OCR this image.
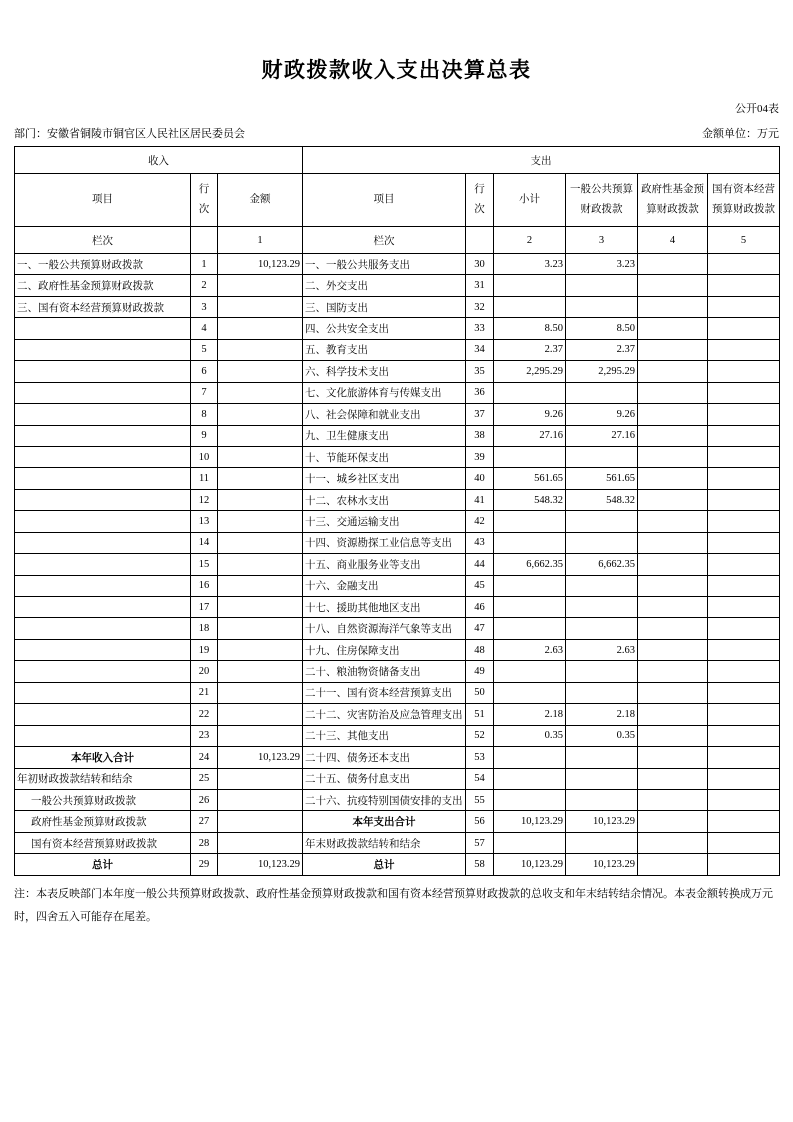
财政拨款收入支出决算总表
公开04表
部门：安徽省铜陵市铜官区人民社区居民委员会	金额单位：万元
收入			支出					
项目	行次	金额	项目	行次	小计	一般公共预算财政拨款	政府性基金预算财政拨款	国有资本经营预算财政拨款
栏次		1	栏次		2	3	4	5
一、一般公共预算财政拨款	1	10,123.29	一、一般公共服务支出	30	3.23	3.23		
二、政府性基金预算财政拨款	2		二、外交支出	31				
三、国有资本经营预算财政拨款	3		三、国防支出	32				
	4		四、公共安全支出	33	8.50	8.50		
	5		五、教育支出	34	2.37	2.37		
	6		六、科学技术支出	35	2,295.29	2,295.29		
	7		七、文化旅游体育与传媒支出	36				
	8		八、社会保障和就业支出	37	9.26	9.26		
	9		九、卫生健康支出	38	27.16	27.16		
	10		十、节能环保支出	39				
	11		十一、城乡社区支出	40	561.65	561.65		
	12		十二、农林水支出	41	548.32	548.32		
	13		十三、交通运输支出	42				
	14		十四、资源勘探工业信息等支出	43				
	15		十五、商业服务业等支出	44	6,662.35	6,662.35		
	16		十六、金融支出	45				
	17		十七、援助其他地区支出	46				
	18		十八、自然资源海洋气象等支出	47				
	19		十九、住房保障支出	48	2.63	2.63		
	20		二十、粮油物资储备支出	49				
	21		二十一、国有资本经营预算支出	50				
	22		二十二、灾害防治及应急管理支出	51	2.18	2.18		
	23		二十三、其他支出	52	0.35	0.35		
本年收入合计	24	10,123.29	二十四、债务还本支出	53				
年初财政拨款结转和结余	25		二十五、债务付息支出	54				
一般公共预算财政拨款	26		二十六、抗疫特别国债安排的支出	55				
政府性基金预算财政拨款	27		本年支出合计	56	10,123.29	10,123.29		
国有资本经营预算财政拨款	28		年末财政拨款结转和结余	57				
总计	29	10,123.29	总计	58	10,123.29	10,123.29		
注：本表反映部门本年度一般公共预算财政拨款、政府性基金预算财政拨款和国有资本经营预算财政拨款的总收支和年末结转结余情况。本表金额转换成万元时，四舍五入可能存在尾差。
